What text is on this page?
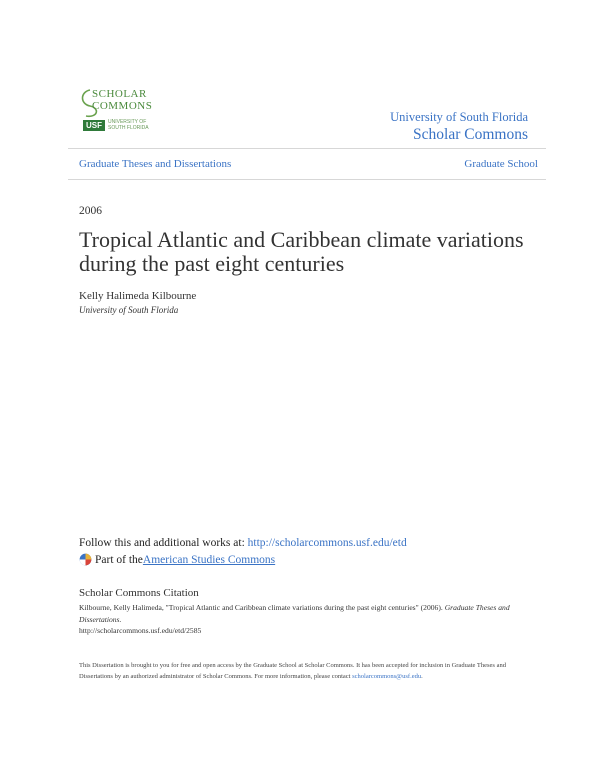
SCHOLAR
COMMONS
USF	UNIVERSITY OF SOUTH FLORIDA
University of South Florida
Scholar Commons
Graduate Theses and Dissertations	Graduate School
2006
Tropical Atlantic and Caribbean climate variations during the past eight centuries
Kelly Halimeda Kilbourne
University of South Florida
Follow this and additional works at: http://scholarcommons.usf.edu/etd
Part of the American Studies Commons
Scholar Commons Citation
Kilbourne, Kelly Halimeda, "Tropical Atlantic and Caribbean climate variations during the past eight centuries" (2006). Graduate Theses and Dissertations.
http://scholarcommons.usf.edu/etd/2585
This Dissertation is brought to you for free and open access by the Graduate School at Scholar Commons. It has been accepted for inclusion in Graduate Theses and Dissertations by an authorized administrator of Scholar Commons. For more information, please contact scholarcommons@usf.edu.
